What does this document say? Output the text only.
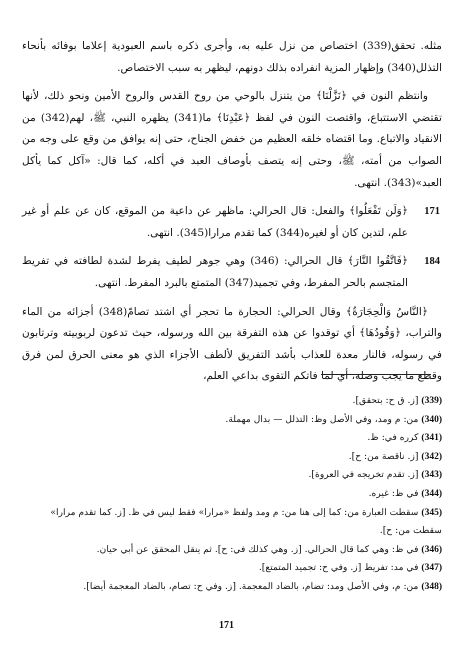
مثله. تحقق(339) اختصاص من نزل عليه به، وأجرى ذكره باسم العبودية إعلاما بوفائه بأنحاء التذلل(340) وإظهار المزية انفراده بذلك دونهم، ليظهر به سبب الاختصاص.

وانتظم النون في ﴿نَزَّلْنَا﴾ من يتنزل بالوحي من روح القدس والروح الأمين ونحو ذلك، لأنها تقتضي الاستتباع، واقتصت النون في لفظ ﴿عَبْدِنَا﴾ ما(341) يظهره النبي، ﷺ، لهم(342) من الانقياد والاتباع. وما اقتضاه خلقه العظيم من خفض الجناح، حتى إنه يوافق من وقع على وجه من الصواب من أمته، ﷺ، وحتى إنه يتصف بأوصاف العبد في أكله، كما قال: «آكل كما يأكل العبد»(343). انتهى.

171
﴿وَلَن تَفْعَلُوا﴾ والفعل: قال الحرالي: ماظهر عن داعية من الموقع، كان عن علم أو غير علم، لتدين كان أو لغيره(344) كما تقدم مرارا(345). انتهى.
184
﴿فَاتَّقُوا النَّارَ﴾ قال الحرالي: (346) وهي جوهر لطيف يفرط لشدة لطافته في تفريط المتجسم بالحر المفرط، وفي تجميد(347) المتمتع بالبرد المفرط. انتهى.

﴿النَّاسُ وَالْحِجَارَةُ﴾ وقال الحرالي: الحجارة ما تحجر أي اشتد تصامّ(348) أجزائه من الماء والتراب، ﴿وَقُودُهَا﴾ أي توقدوا عن هذه التفرقة بين الله ورسوله، حيث تدعون لربوبيته وترتابون في رسوله، فالنار معدة للعذاب بأشد التفريق لألطف الأجزاء الذي هو معنى الحرق لمن فرق وقطع ما يجب وصله، أي لما فاتكم التقوى بداعي العلم،

(339) [ز. ق ح: بتحقق].

(340) من: م ومد، وفي الأصل وظ: التذلل — بدال مهملة.

(341) كرره في: ظ.

(342) [ز. ناقصة من: ح].

(343) [ز. تقدم تخريجه في العروة].

(344) في ظ: غيره.

(345) سقطت العبارة من: كما إلى هنا من: م ومد ولفظ «مرارا» فقط ليس في ظ. [ز. كما تقدم مرارا» سقطت من: ح].

(346) في ظ: وهي كما قال الحرالي. [ز. وهي كذلك في: ح]. ثم ينقل المحقق عن أبي حيان.

(347) في مد: تفريط [ز. وفي ح: تجميد المتمتع].

(348) من: م، وفي الأصل ومد: تضام، بالضاد المعجمة. [ز. وفي ح: تصام، بالضاد المعجمة أيضا].

171
